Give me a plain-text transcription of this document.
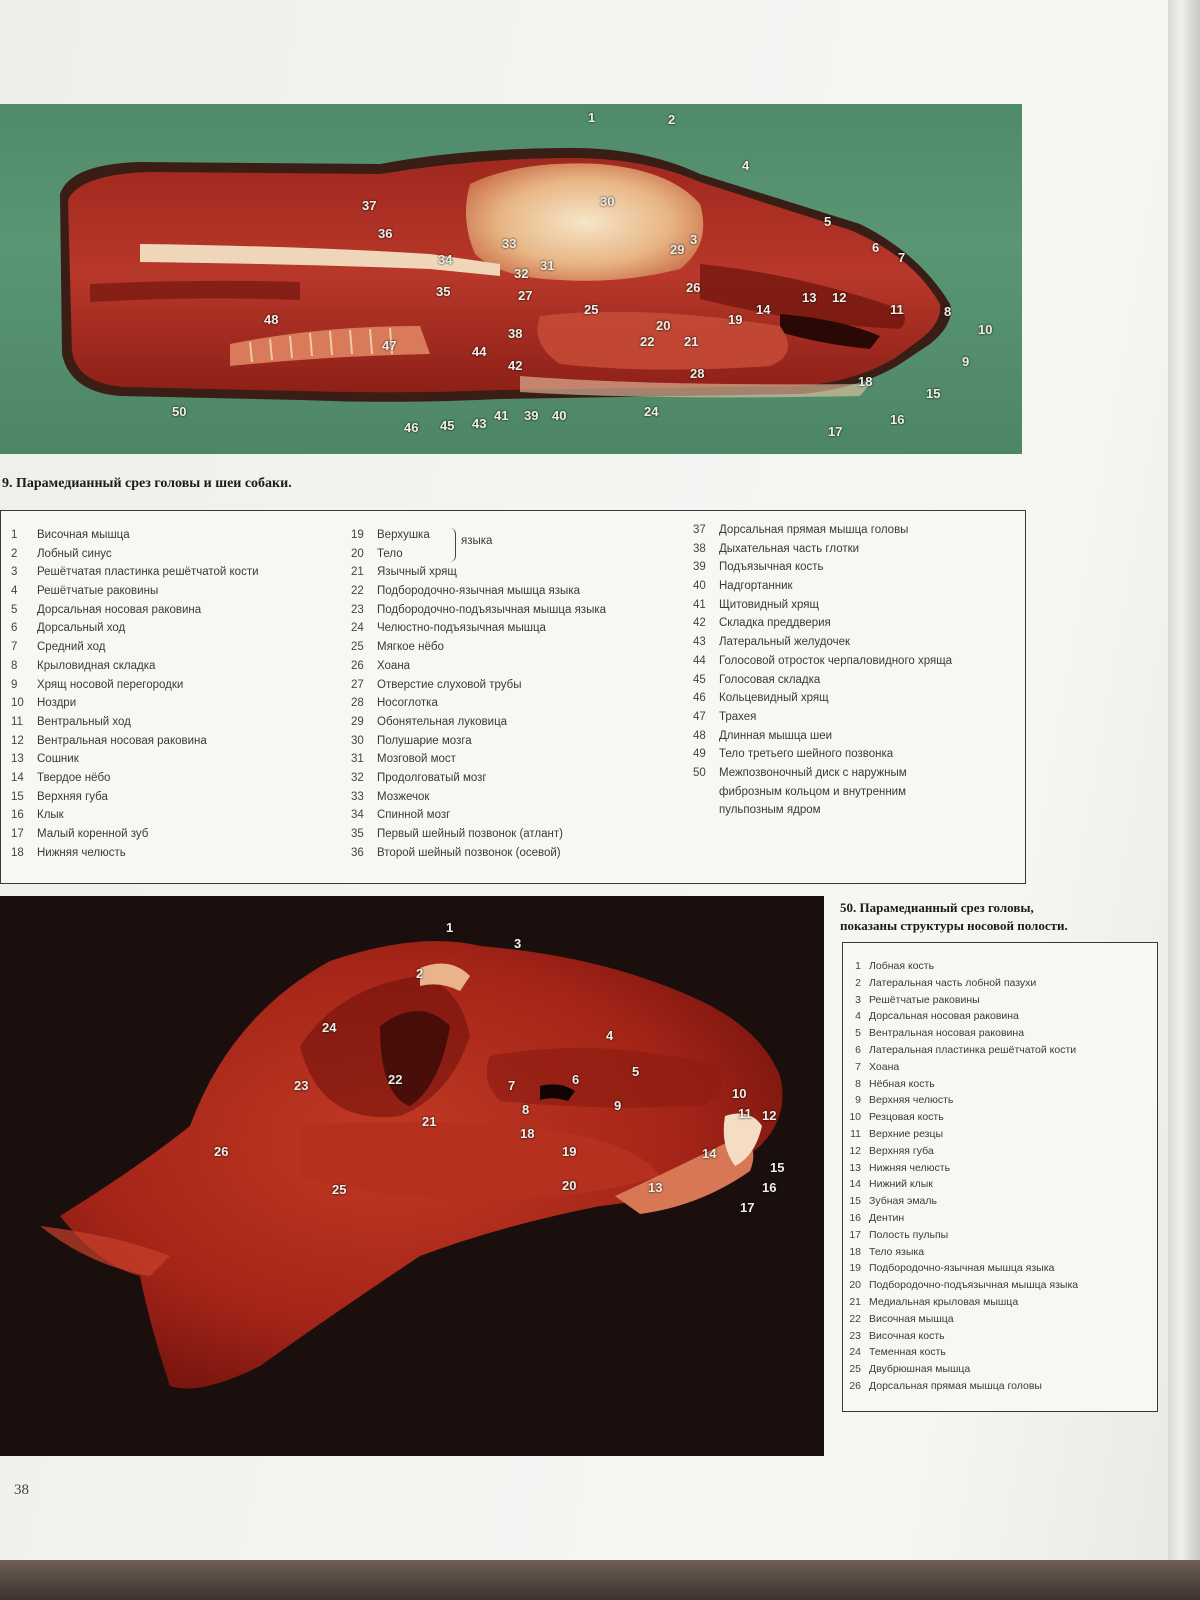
1	2
3
4
5
6
7
8
9
10
11
12
13
14
15
16
17
18
19
20
21
22
24
25
26
27
28
29
30
31
32
33
34
35
36
37
38
39 40
41
42
43
44
45
46
47
48
50
9. Парамедианный срез головы и шеи собаки.
1	Височная мышца
2	Лобный синус
3	Решётчатая пластинка решётчатой кости
4	Решётчатые раковины
5	Дорсальная носовая раковина
6	Дорсальный ход
7	Средний ход
8	Крыловидная складка
9	Хрящ носовой перегородки
10	Ноздри
11	Вентральный ход
12	Вентральная носовая раковина
13	Сошник
14	Твердое нёбо
15	Верхняя губа
16	Клык
17	Малый коренной зуб
18	Нижняя челюсть
19	Верхушка
20	Тело
21	Язычный хрящ
22	Подбородочно-язычная мышца языка
23	Подбородочно-подъязычная мышца языка
24	Челюстно-подъязычная мышца
25	Мягкое нёбо
26	Хоана
27	Отверстие слуховой трубы
28	Носоглотка
29	Обонятельная луковица
30	Полушарие мозга
31	Мозговой мост
32	Продолговатый мозг
33	Мозжечок
34	Спинной мозг
35	Первый шейный позвонок (атлант)
36	Второй шейный позвонок (осевой)
языка
37	Дорсальная прямая мышца головы
38	Дыхательная часть глотки
39	Подъязычная кость
40	Надгортанник
41	Щитовидный хрящ
42	Складка преддверия
43	Латеральный желудочек
44	Голосовой отросток черпаловидного хряща
45	Голосовая складка
46	Кольцевидный хрящ
47	Трахея
48	Длинная мышца шеи
49	Тело третьего шейного позвонка
50	Межпозвоночный диск с наружным
фиброзным кольцом и внутренним
пульпозным ядром
1
2
3
4
5
6
7
8	9
10
11 12
13
14
15
16
17
18
19
20
21
22
23
24
25
26
50. Парамедианный срез головы,
показаны структуры носовой полости.
1 Лобная кость
2 Латеральная часть лобной пазухи
3 Решётчатые раковины
4 Дорсальная носовая раковина
5 Вентральная носовая раковина
6 Латеральная пластинка решётчатой кости
7 Хоана
8 Нёбная кость
9 Верхняя челюсть
10 Резцовая кость
11 Верхние резцы
12 Верхняя губа
13 Нижняя челюсть
14 Нижний клык
15 Зубная эмаль
16 Дентин
17 Полость пульпы
18 Тело языка
19 Подбородочно-язычная мышца языка
20 Подбородочно-подъязычная мышца языка
21 Медиальная крыловая мышца
22 Височная мышца
23 Височная кость
24 Теменная кость
25 Двубрюшная мышца
26 Дорсальная прямая мышца головы
38
